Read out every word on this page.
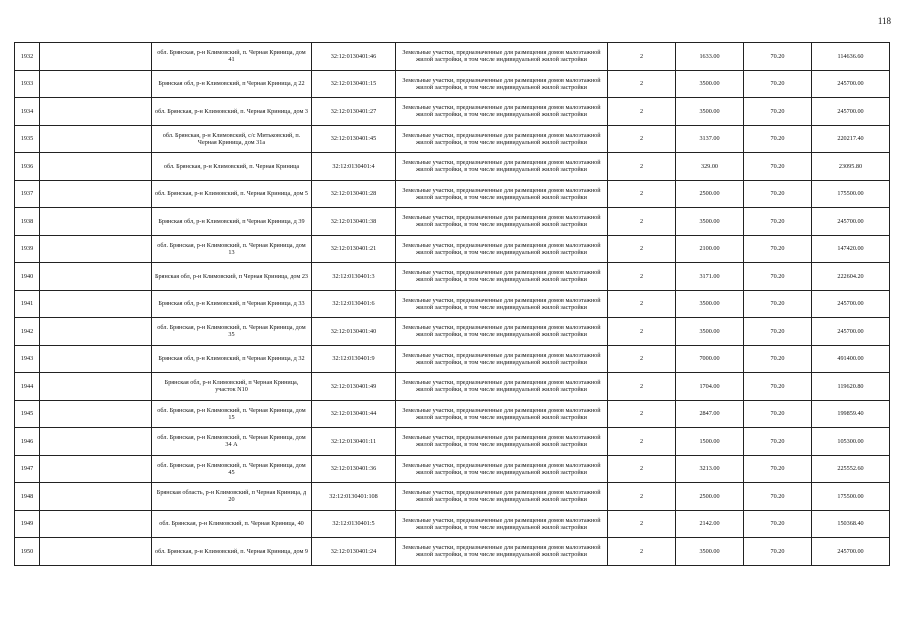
118
1932		обл. Брянская, р-н Климовский, п. Черная Криница, дом 41	32:12:0130401:46	Земельные участки, предназначенные для размещения домов малоэтажной жилой застройки, в том числе индивидуальной жилой застройки	2	1633.00	70.20	114636.60
1933		Брянская обл, р-н Климовский, п Черная Криница, д 22	32:12:0130401:15	Земельные участки, предназначенные для размещения домов малоэтажной жилой застройки, в том числе индивидуальной жилой застройки	2	3500.00	70.20	245700.00
1934		обл. Брянская, р-н Климовский, п. Черная Криница, дом 3	32:12:0130401:27	Земельные участки, предназначенные для размещения домов малоэтажной жилой застройки, в том числе индивидуальной жилой застройки	2	3500.00	70.20	245700.00
1935		обл. Брянская, р-н Климовский, с/с Митьковский, п. Черная Криница, дом 31а	32:12:0130401:45	Земельные участки, предназначенные для размещения домов малоэтажной жилой застройки, в том числе индивидуальной жилой застройки	2	3137.00	70.20	220217.40
1936		обл. Брянская, р-н Климовский, п. Черная Криница	32:12:0130401:4	Земельные участки, предназначенные для размещения домов малоэтажной жилой застройки, в том числе индивидуальной жилой застройки	2	329.00	70.20	23095.80
1937		обл. Брянская, р-н Климовский, п. Черная Криница, дом 5	32:12:0130401:28	Земельные участки, предназначенные для размещения домов малоэтажной жилой застройки, в том числе индивидуальной жилой застройки	2	2500.00	70.20	175500.00
1938		Брянская обл, р-н Климовский, п Черная Криница, д 39	32:12:0130401:38	Земельные участки, предназначенные для размещения домов малоэтажной жилой застройки, в том числе индивидуальной жилой застройки	2	3500.00	70.20	245700.00
1939		обл. Брянская, р-н Климовский, п. Черная Криница, дом 13	32:12:0130401:21	Земельные участки, предназначенные для размещения домов малоэтажной жилой застройки, в том числе индивидуальной жилой застройки	2	2100.00	70.20	147420.00
1940		Брянская обл, р-н Климовский, п Черная Криница, дом 23	32:12:0130401:3	Земельные участки, предназначенные для размещения домов малоэтажной жилой застройки, в том числе индивидуальной жилой застройки	2	3171.00	70.20	222604.20
1941		Брянская обл, р-н Климовский, п Черная Криница, д 33	32:12:0130401:6	Земельные участки, предназначенные для размещения домов малоэтажной жилой застройки, в том числе индивидуальной жилой застройки	2	3500.00	70.20	245700.00
1942		обл. Брянская, р-н Климовский, п. Черная Криница, дом 35	32:12:0130401:40	Земельные участки, предназначенные для размещения домов малоэтажной жилой застройки, в том числе индивидуальной жилой застройки	2	3500.00	70.20	245700.00
1943		Брянская обл, р-н Климовский, п Черная Криница, д 32	32:12:0130401:9	Земельные участки, предназначенные для размещения домов малоэтажной жилой застройки, в том числе индивидуальной жилой застройки	2	7000.00	70.20	491400.00
1944		Брянская обл, р-н Климовский, п Черная Криница, участок N10	32:12:0130401:49	Земельные участки, предназначенные для размещения домов малоэтажной жилой застройки, в том числе индивидуальной жилой застройки	2	1704.00	70.20	119620.80
1945		обл. Брянская, р-н Климовский, п. Черная Криница, дом 15	32:12:0130401:44	Земельные участки, предназначенные для размещения домов малоэтажной жилой застройки, в том числе индивидуальной жилой застройки	2	2847.00	70.20	199859.40
1946		обл. Брянская, р-н Климовский, п. Черная Криница, дом 34 А	32:12:0130401:11	Земельные участки, предназначенные для размещения домов малоэтажной жилой застройки, в том числе индивидуальной жилой застройки	2	1500.00	70.20	105300.00
1947		обл. Брянская, р-н Климовский, п. Черная Криница, дом 45	32:12:0130401:36	Земельные участки, предназначенные для размещения домов малоэтажной жилой застройки, в том числе индивидуальной жилой застройки	2	3213.00	70.20	225552.60
1948		Брянская область, р-н Климовский, п Черная Криница, д 20	32:12:0130401:108	Земельные участки, предназначенные для размещения домов малоэтажной жилой застройки, в том числе индивидуальной жилой застройки	2	2500.00	70.20	175500.00
1949		обл. Брянская, р-н Климовский, п. Черная Криница, 40	32:12:0130401:5	Земельные участки, предназначенные для размещения домов малоэтажной жилой застройки, в том числе индивидуальной жилой застройки	2	2142.00	70.20	150368.40
1950		обл. Брянская, р-н Климовский, п. Черная Криница, дом 9	32:12:0130401:24	Земельные участки, предназначенные для размещения домов малоэтажной жилой застройки, в том числе индивидуальной жилой застройки	2	3500.00	70.20	245700.00
